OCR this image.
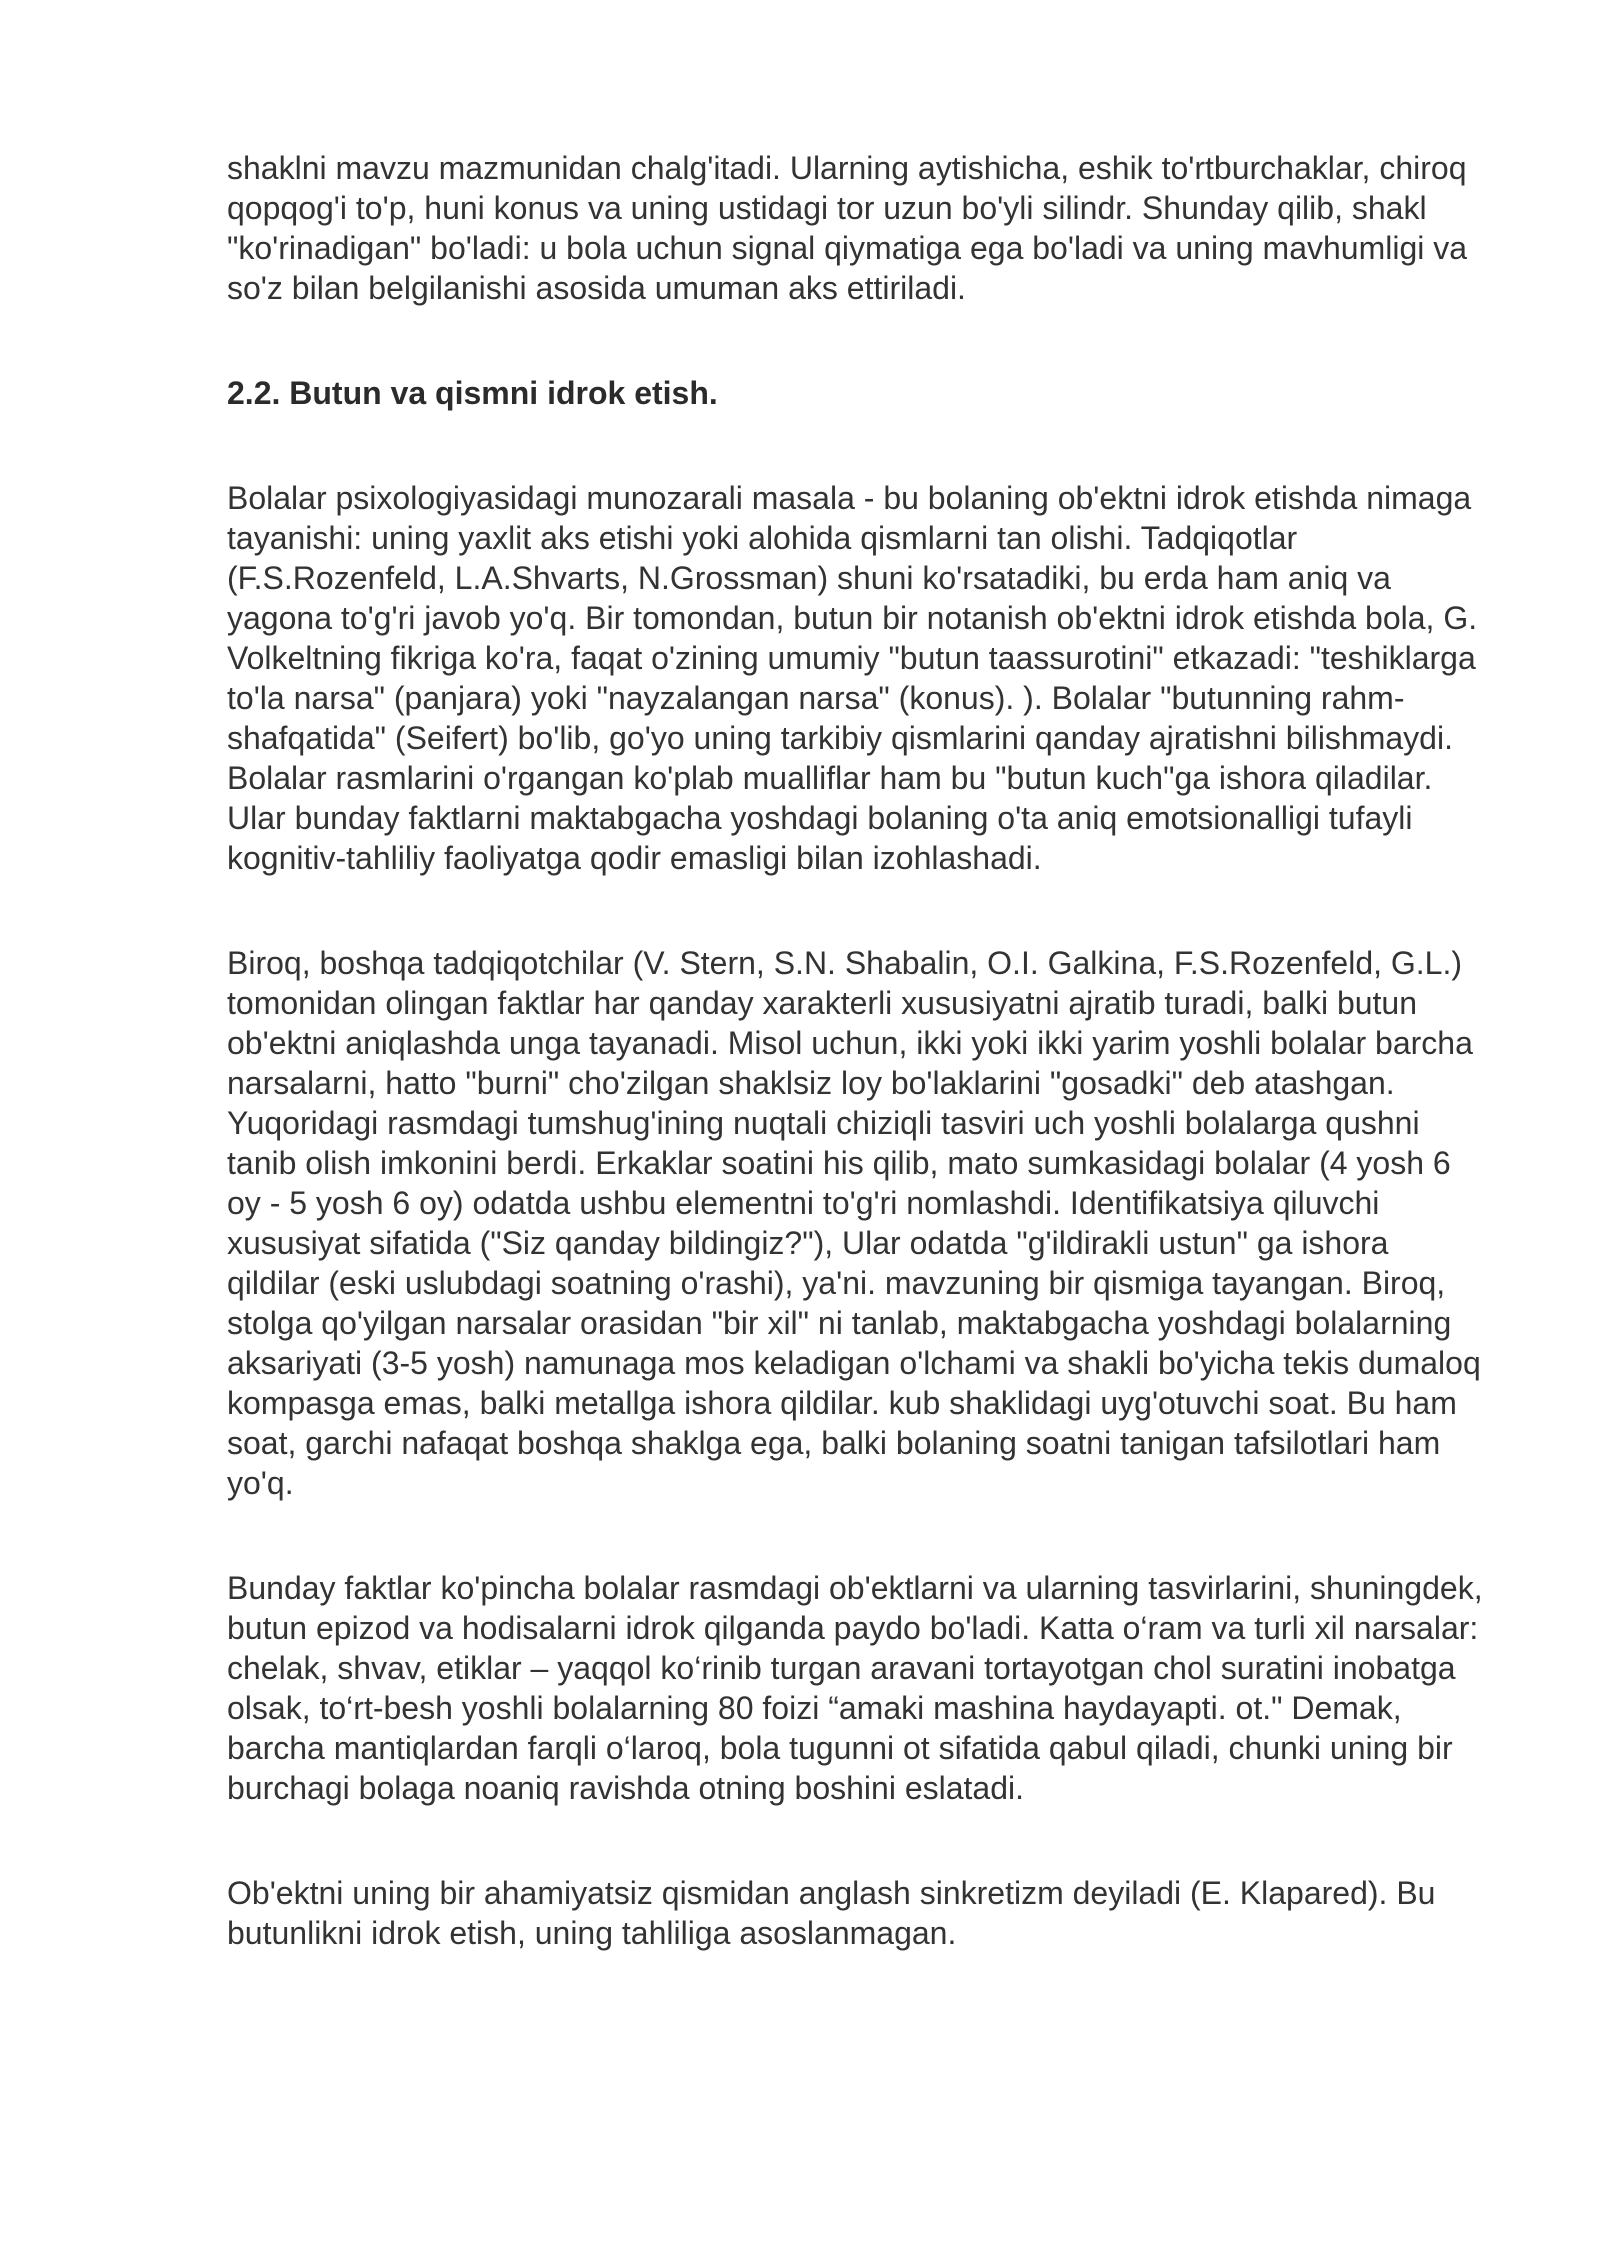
shaklni mavzu mazmunidan chalg'itadi. Ularning aytishicha, eshik to'rtburchaklar, chiroq qopqog'i to'p, huni konus va uning ustidagi tor uzun bo'yli silindr. Shunday qilib, shakl "ko'rinadigan" bo'ladi: u bola uchun signal qiymatiga ega bo'ladi va uning mavhumligi va so'z bilan belgilanishi asosida umuman aks ettiriladi.

2.2. Butun va qismni idrok etish.

Bolalar psixologiyasidagi munozarali masala - bu bolaning ob'ektni idrok etishda nimaga tayanishi: uning yaxlit aks etishi yoki alohida qismlarni tan olishi. Tadqiqotlar (F.S.Rozenfeld, L.A.Shvarts, N.Grossman) shuni ko'rsatadiki, bu erda ham aniq va yagona to'g'ri javob yo'q. Bir tomondan, butun bir notanish ob'ektni idrok etishda bola, G. Volkeltning fikriga ko'ra, faqat o'zining umumiy "butun taassurotini" etkazadi: "teshiklarga to'la narsa" (panjara) yoki "nayzalangan narsa" (konus). ). Bolalar "butunning rahm-shafqatida" (Seifert) bo'lib, go'yo uning tarkibiy qismlarini qanday ajratishni bilishmaydi. Bolalar rasmlarini o'rgangan ko'plab mualliflar ham bu "butun kuch"ga ishora qiladilar. Ular bunday faktlarni maktabgacha yoshdagi bolaning o'ta aniq emotsionalligi tufayli kognitiv-tahliliy faoliyatga qodir emasligi bilan izohlashadi.

Biroq, boshqa tadqiqotchilar (V. Stern, S.N. Shabalin, O.I. Galkina, F.S.Rozenfeld, G.L.) tomonidan olingan faktlar har qanday xarakterli xususiyatni ajratib turadi, balki butun ob'ektni aniqlashda unga tayanadi. Misol uchun, ikki yoki ikki yarim yoshli bolalar barcha narsalarni, hatto "burni" cho'zilgan shaklsiz loy bo'laklarini "gosadki" deb atashgan. Yuqoridagi rasmdagi tumshug'ining nuqtali chiziqli tasviri uch yoshli bolalarga qushni tanib olish imkonini berdi. Erkaklar soatini his qilib, mato sumkasidagi bolalar (4 yosh 6 oy - 5 yosh 6 oy) odatda ushbu elementni to'g'ri nomlashdi. Identifikatsiya qiluvchi xususiyat sifatida ("Siz qanday bildingiz?"), Ular odatda "g'ildirakli ustun" ga ishora qildilar (eski uslubdagi soatning o'rashi), ya'ni. mavzuning bir qismiga tayangan. Biroq, stolga qo'yilgan narsalar orasidan "bir xil" ni tanlab, maktabgacha yoshdagi bolalarning aksariyati (3-5 yosh) namunaga mos keladigan o'lchami va shakli bo'yicha tekis dumaloq kompasga emas, balki metallga ishora qildilar. kub shaklidagi uyg'otuvchi soat. Bu ham soat, garchi nafaqat boshqa shaklga ega, balki bolaning soatni tanigan tafsilotlari ham yo'q.

Bunday faktlar ko'pincha bolalar rasmdagi ob'ektlarni va ularning tasvirlarini, shuningdek, butun epizod va hodisalarni idrok qilganda paydo bo'ladi. Katta o‘ram va turli xil narsalar: chelak, shvav, etiklar – yaqqol ko‘rinib turgan aravani tortayotgan chol suratini inobatga olsak, to‘rt-besh yoshli bolalarning 80 foizi “amaki mashina haydayapti. ot." Demak, barcha mantiqlardan farqli o‘laroq, bola tugunni ot sifatida qabul qiladi, chunki uning bir burchagi bolaga noaniq ravishda otning boshini eslatadi.

Ob'ektni uning bir ahamiyatsiz qismidan anglash sinkretizm deyiladi (E. Klapared). Bu butunlikni idrok etish, uning tahliliga asoslanmagan.
